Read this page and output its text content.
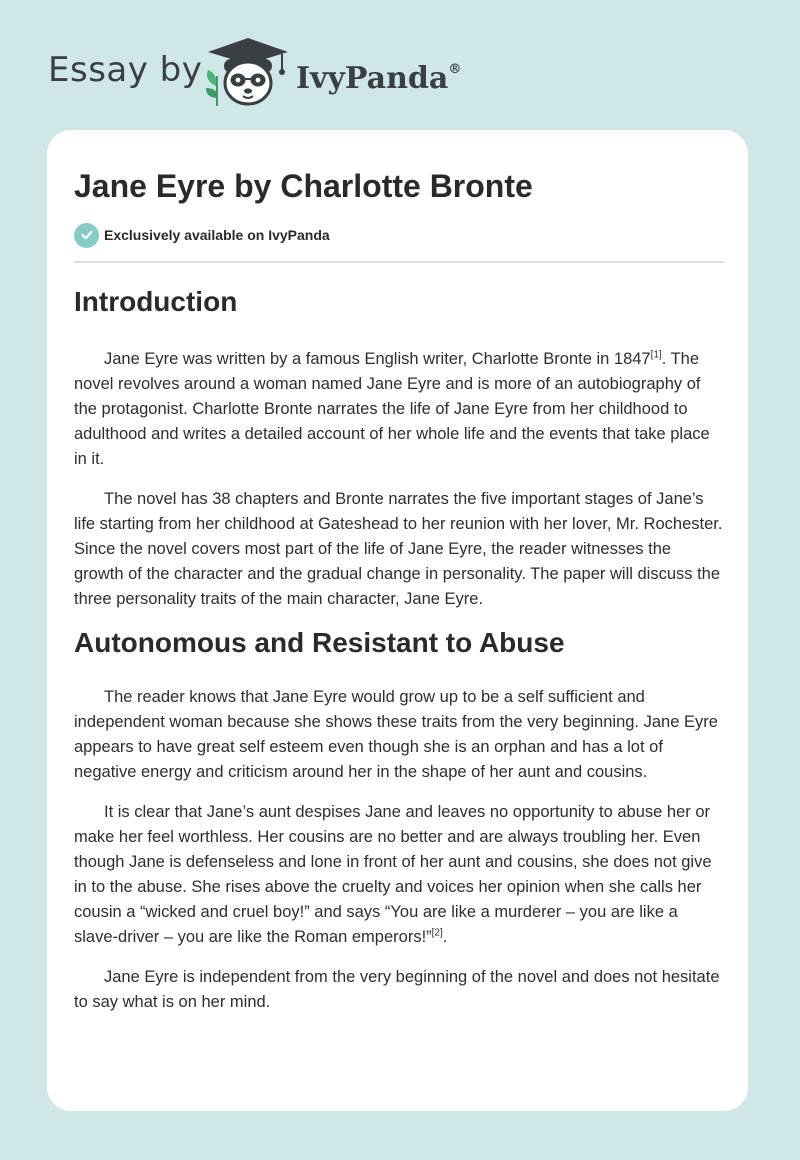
Essay by	IvyPanda®
Jane Eyre by Charlotte Bronte
Exclusively available on IvyPanda
Introduction

Jane Eyre was written by a famous English writer, Charlotte Bronte in 1847[1]. The novel revolves around a woman named Jane Eyre and is more of an autobiography of the protagonist. Charlotte Bronte narrates the life of Jane Eyre from her childhood to adulthood and writes a detailed account of her whole life and the events that take place in it.

The novel has 38 chapters and Bronte narrates the five important stages of Jane’s life starting from her childhood at Gateshead to her reunion with her lover, Mr. Rochester. Since the novel covers most part of the life of Jane Eyre, the reader witnesses the growth of the character and the gradual change in personality. The paper will discuss the three personality traits of the main character, Jane Eyre.

Autonomous and Resistant to Abuse

The reader knows that Jane Eyre would grow up to be a self sufficient and independent woman because she shows these traits from the very beginning. Jane Eyre appears to have great self esteem even though she is an orphan and has a lot of negative energy and criticism around her in the shape of her aunt and cousins.

It is clear that Jane’s aunt despises Jane and leaves no opportunity to abuse her or make her feel worthless. Her cousins are no better and are always troubling her. Even though Jane is defenseless and lone in front of her aunt and cousins, she does not give in to the abuse. She rises above the cruelty and voices her opinion when she calls her cousin a “wicked and cruel boy!” and says “You are like a murderer – you are like a slave-driver – you are like the Roman emperors!”[2].

Jane Eyre is independent from the very beginning of the novel and does not hesitate to say what is on her mind.
